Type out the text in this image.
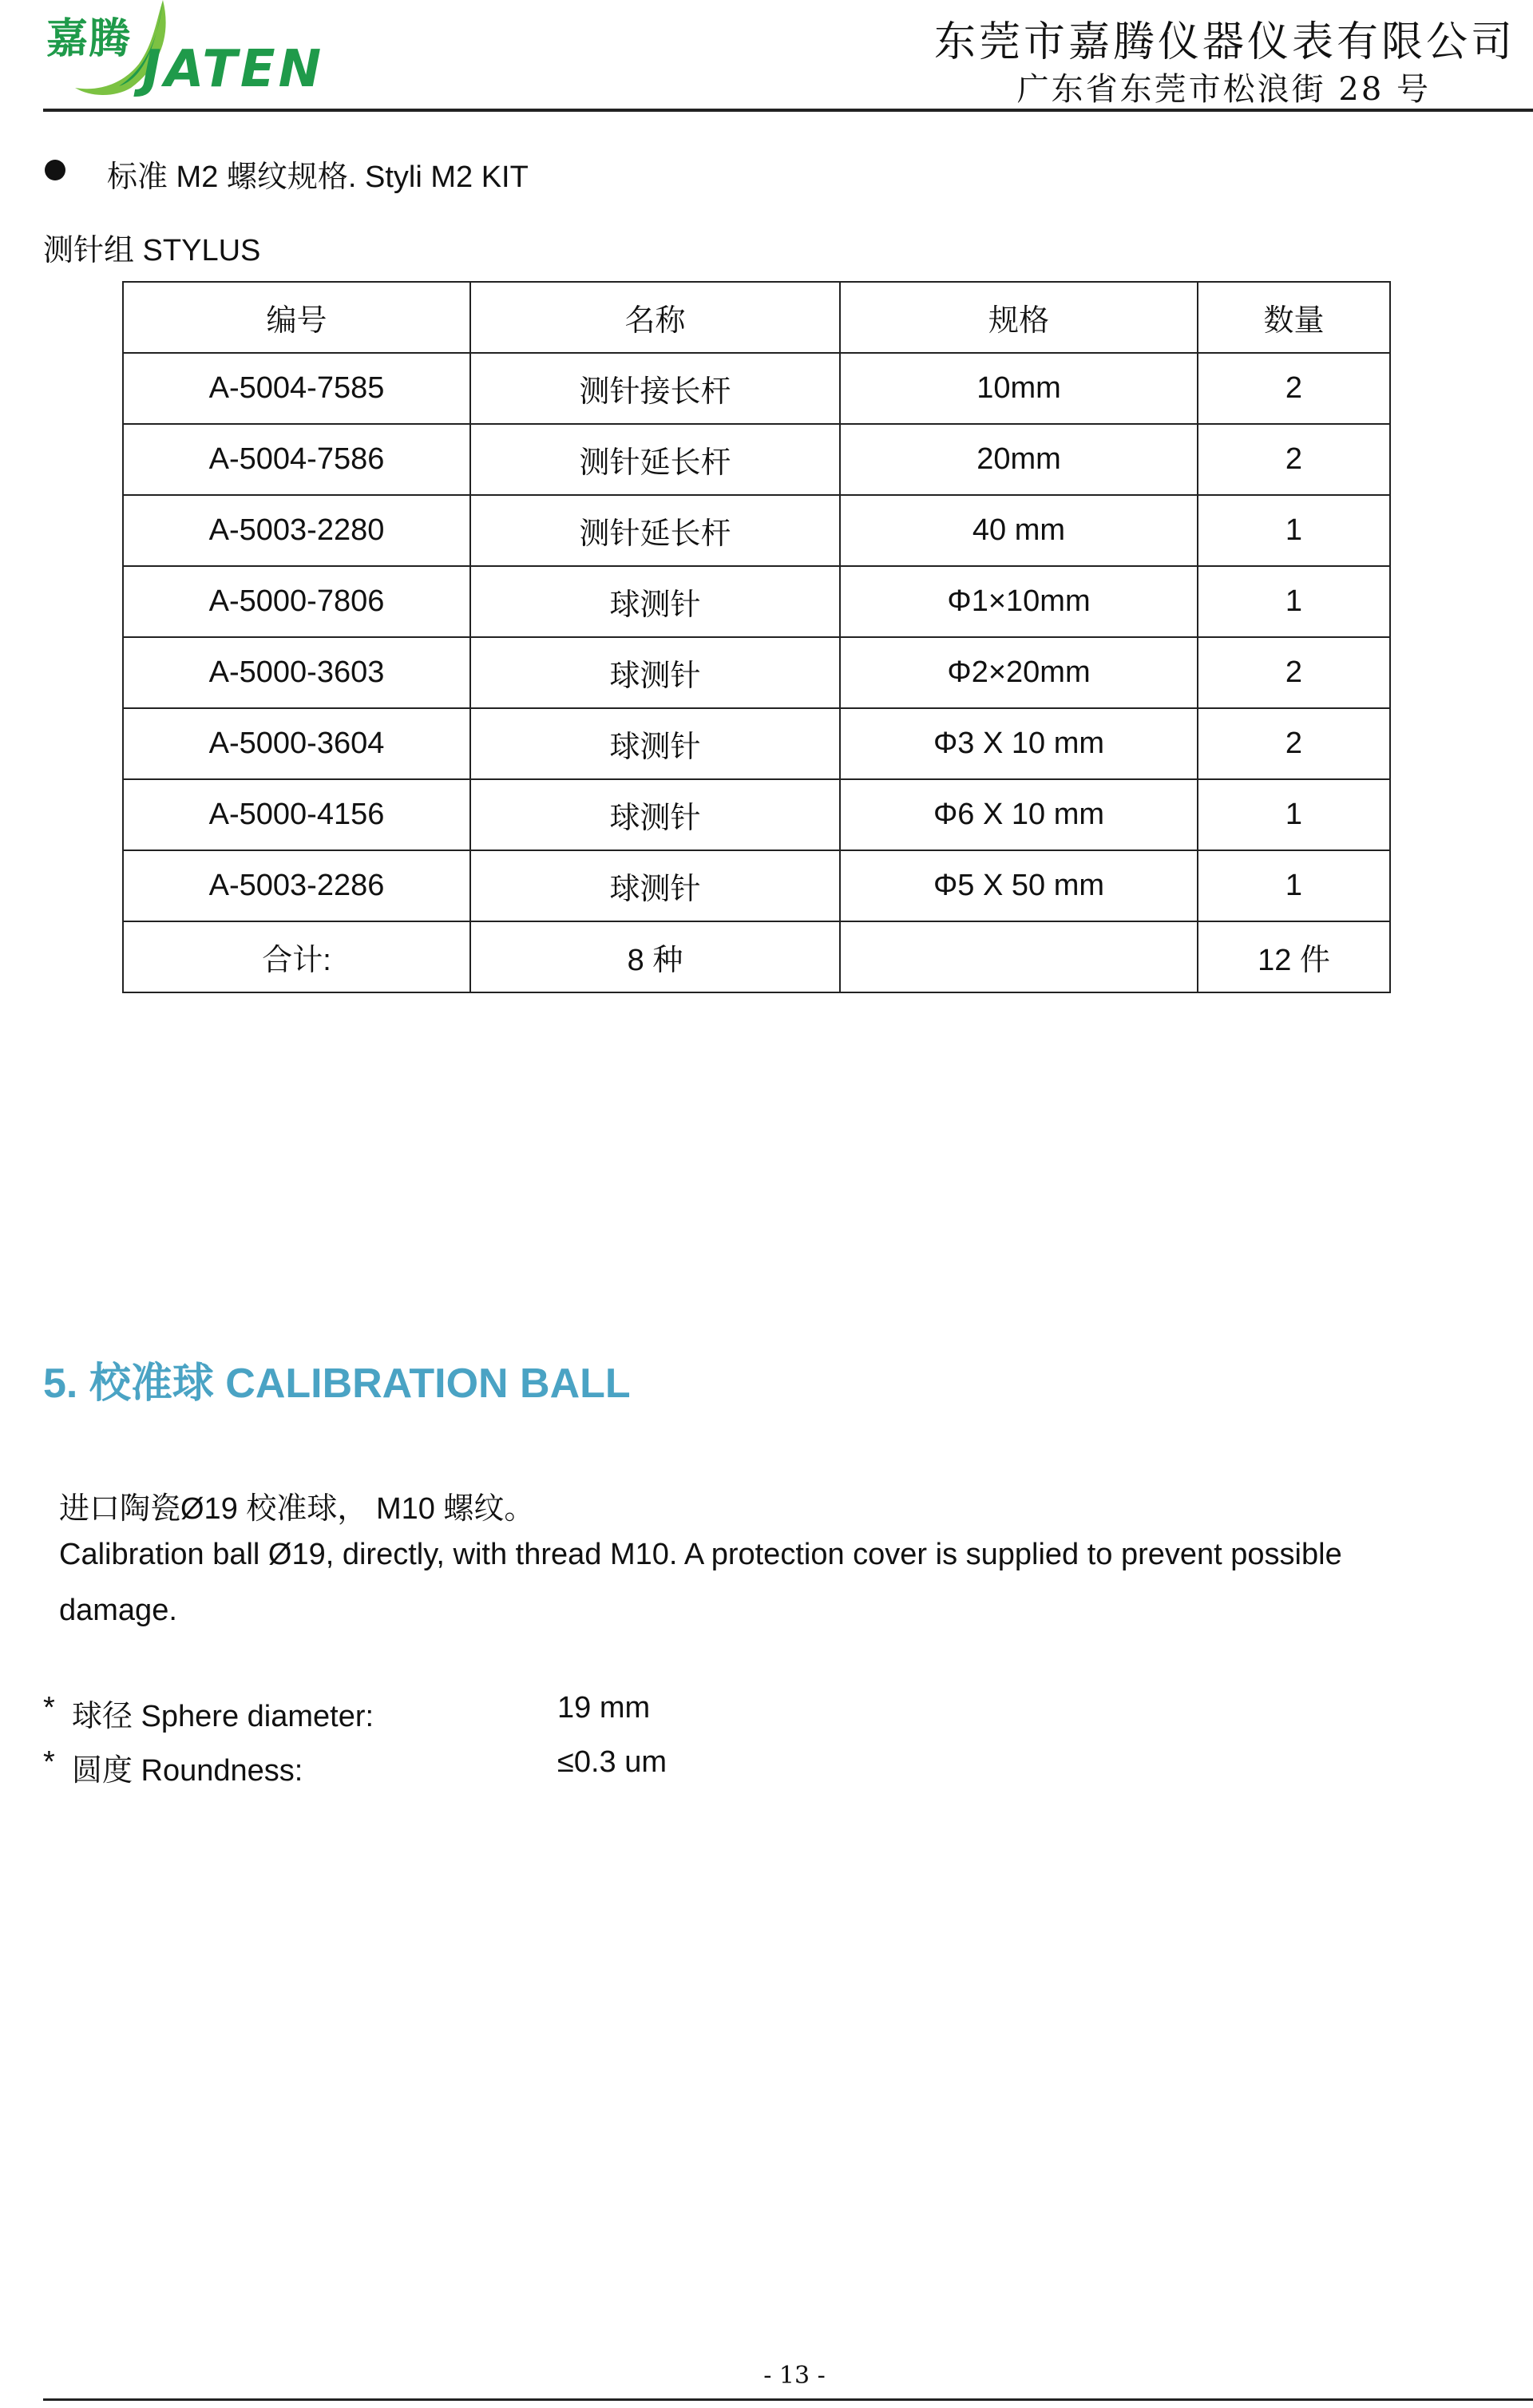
嘉腾
JATEN	东莞市嘉腾仪器仪表有限公司
广东省东莞市松浪街 28 号
标准 M2 螺纹规格. Styli M2 KIT
测针组 STYLUS
编号	名称	规格	数量
A-5004-7585	测针接长杆	10mm	2
A-5004-7586	测针延长杆	20mm	2
A-5003-2280	测针延长杆	40 mm	1
A-5000-7806	球测针	Φ1×10mm	1
A-5000-3603	球测针	Φ2×20mm	2
A-5000-3604	球测针	Φ3 X 10 mm	2
A-5000-4156	球测针	Φ6 X 10 mm	1
A-5003-2286	球测针	Φ5 X 50 mm	1
合计:	8 种		12 件
5. 校准球 CALIBRATION BALL
进口陶瓷Ø19 校准球， M10 螺纹。
Calibration ball Ø19, directly, with thread M10. A protection cover is supplied to prevent possible
damage.
* 球径 Sphere diameter:	19 mm
* 圆度 Roundness:	≤0.3 um
- 13 -
